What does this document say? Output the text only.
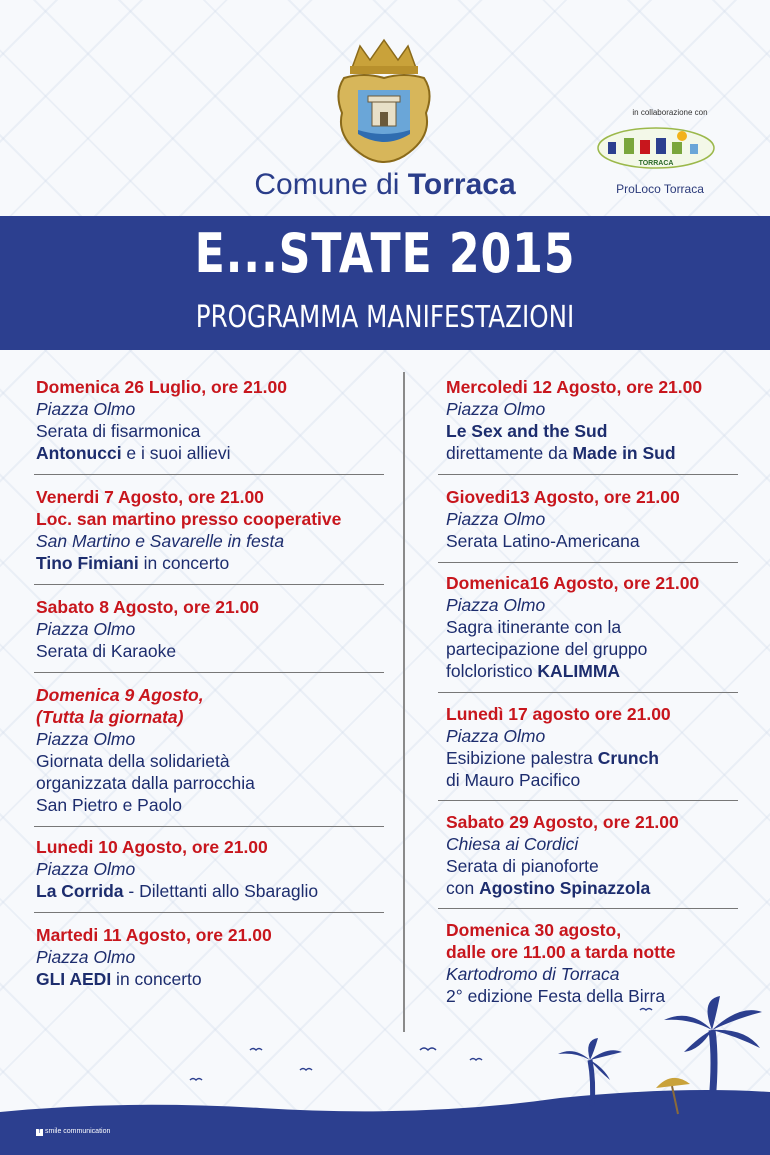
in collaborazione con
TORRACA
ProLoco Torraca
Comune di Torraca
E...STATE 2015
PROGRAMMA MANIFESTAZIONI
Domenica 26 Luglio, ore 21.00
Piazza Olmo
Serata di fisarmonica
Antonucci e i suoi allievi
Venerdi 7 Agosto, ore 21.00
Loc. san martino presso cooperative
San Martino e Savarelle in festa
Tino Fimiani in concerto
Sabato 8 Agosto, ore 21.00
Piazza Olmo
Serata di Karaoke
Domenica 9 Agosto,
(Tutta la giornata)
Piazza Olmo
Giornata della solidarietà
organizzata dalla parrocchia
San Pietro e Paolo
Lunedi 10 Agosto, ore 21.00
Piazza Olmo
La Corrida - Dilettanti allo Sbaraglio
Martedi 11 Agosto, ore 21.00
Piazza Olmo
GLI AEDI in concerto
Mercoledi 12 Agosto, ore 21.00
Piazza Olmo
Le Sex and the Sud
direttamente da Made in Sud
Giovedi13 Agosto, ore 21.00
Piazza Olmo
Serata Latino-Americana
Domenica16 Agosto, ore 21.00
Piazza Olmo
Sagra itinerante con la
partecipazione del gruppo
folcloristico KALIMMA
Lunedì 17 agosto ore 21.00
Piazza Olmo
Esibizione palestra Crunch
di Mauro Pacifico
Sabato 29 Agosto, ore 21.00
Chiesa ai Cordici
Serata di pianoforte
con Agostino Spinazzola
Domenica 30 agosto,
dalle ore 11.00 a tarda notte
Kartodromo di Torraca
2° edizione Festa della Birra
f smile communication
